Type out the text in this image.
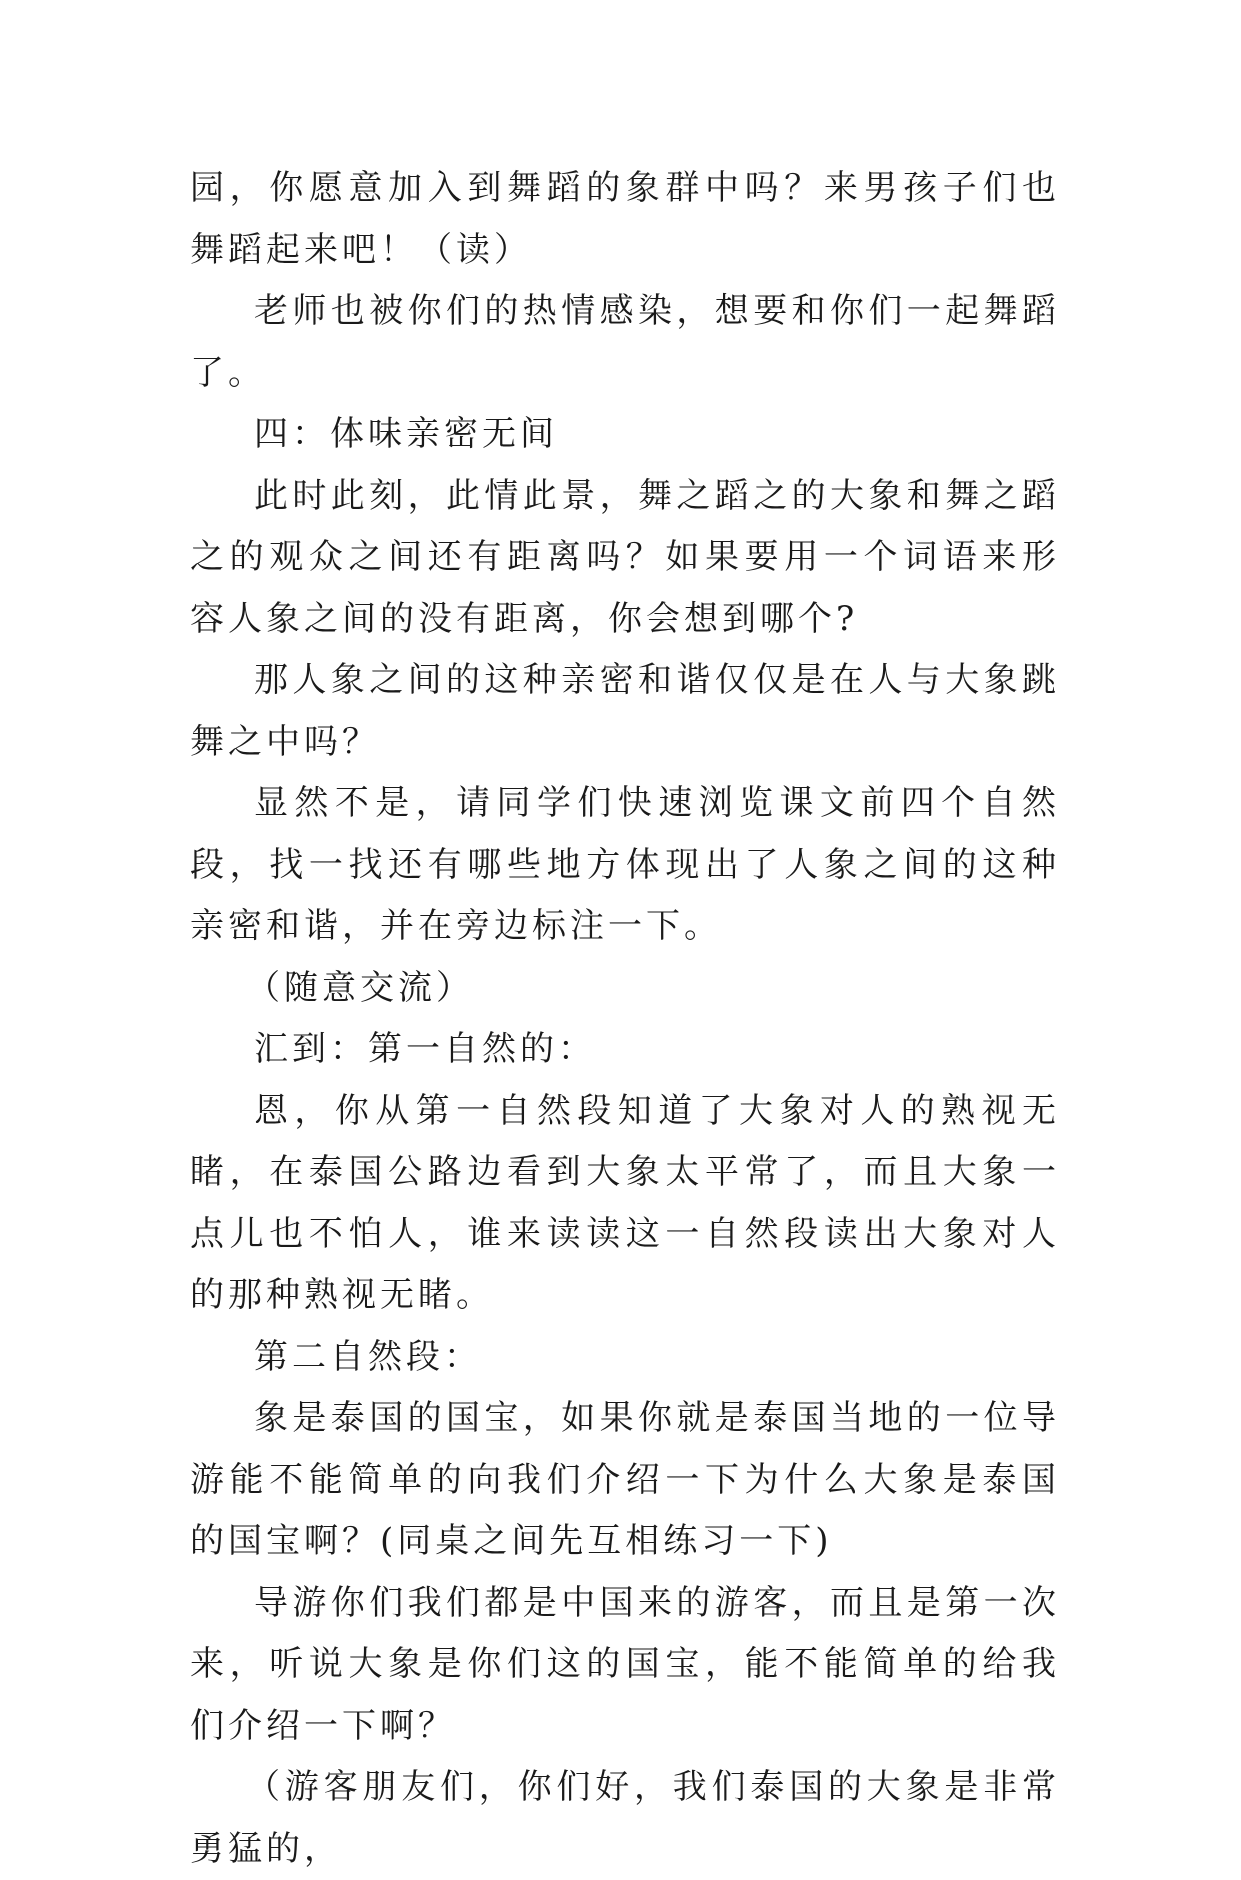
园，你愿意加入到舞蹈的象群中吗？来男孩子们也舞蹈起来吧！（读）

老师也被你们的热情感染，想要和你们一起舞蹈了。

四：体味亲密无间

此时此刻，此情此景，舞之蹈之的大象和舞之蹈之的观众之间还有距离吗？如果要用一个词语来形容人象之间的没有距离，你会想到哪个?

那人象之间的这种亲密和谐仅仅是在人与大象跳舞之中吗？

显然不是，请同学们快速浏览课文前四个自然段，找一找还有哪些地方体现出了人象之间的这种亲密和谐，并在旁边标注一下。

（随意交流）

汇到：第一自然的：

恩，你从第一自然段知道了大象对人的熟视无睹，在泰国公路边看到大象太平常了，而且大象一点儿也不怕人，谁来读读这一自然段读出大象对人的那种熟视无睹。

第二自然段：

象是泰国的国宝，如果你就是泰国当地的一位导游能不能简单的向我们介绍一下为什么大象是泰国的国宝啊？(同桌之间先互相练习一下)

导游你们我们都是中国来的游客，而且是第一次来，听说大象是你们这的国宝，能不能简单的给我们介绍一下啊？

（游客朋友们，你们好，我们泰国的大象是非常勇猛的，
